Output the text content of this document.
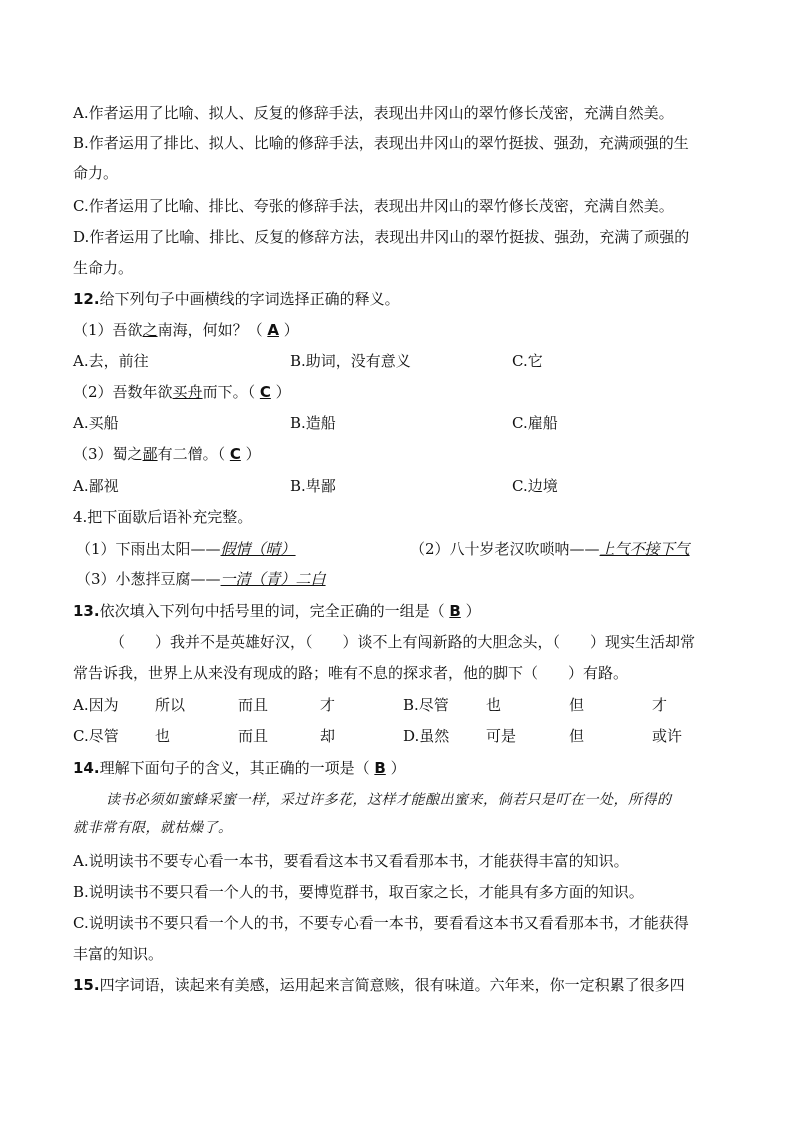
A.作者运用了比喻、拟人、反复的修辞手法，表现出井冈山的翠竹修长茂密，充满自然美。
B.作者运用了排比、拟人、比喻的修辞手法，表现出井冈山的翠竹挺拔、强劲，充满顽强的生
命力。
C.作者运用了比喻、排比、夸张的修辞手法，表现出井冈山的翠竹修长茂密，充满自然美。
D.作者运用了比喻、排比、反复的修辞方法，表现出井冈山的翠竹挺拔、强劲，充满了顽强的
生命力。
12.给下列句子中画横线的字词选择正确的释义。
（1）吾欲之南海，何如？（ A ）
A.去，前往	B.助词，没有意义	C.它
（2）吾数年欲买舟而下。（ C ）
A.买船	B.造船	C.雇船
（3）蜀之鄙有二僧。（ C ）
A.鄙视	B.卑鄙	C.边境
4.把下面歇后语补充完整。
（1）下雨出太阳——假情（晴）	（2）八十岁老汉吹唢呐——上气不接下气
（3）小葱拌豆腐——一清（青）二白
13.依次填入下列句中括号里的词，完全正确的一组是（ B ）
（　　）我并不是英雄好汉，（　　）谈不上有闯新路的大胆念头，（　　）现实生活却常
常告诉我，世界上从来没有现成的路；唯有不息的探求者，他的脚下（　　）有路。
A.因为 所以	而且	才	B.尽管 也	但	才
C.尽管 也	而且	却	D.虽然 可是	但	或许
14.理解下面句子的含义，其正确的一项是（ B ）
读书必须如蜜蜂采蜜一样，采过许多花，这样才能酿出蜜来，倘若只是叮在一处，所得的
就非常有限，就枯燥了。
A.说明读书不要专心看一本书，要看看这本书又看看那本书，才能获得丰富的知识。
B.说明读书不要只看一个人的书，要博览群书，取百家之长，才能具有多方面的知识。
C.说明读书不要只看一个人的书，不要专心看一本书，要看看这本书又看看那本书，才能获得
丰富的知识。
15.四字词语，读起来有美感，运用起来言简意赅，很有味道。六年来，你一定积累了很多四
